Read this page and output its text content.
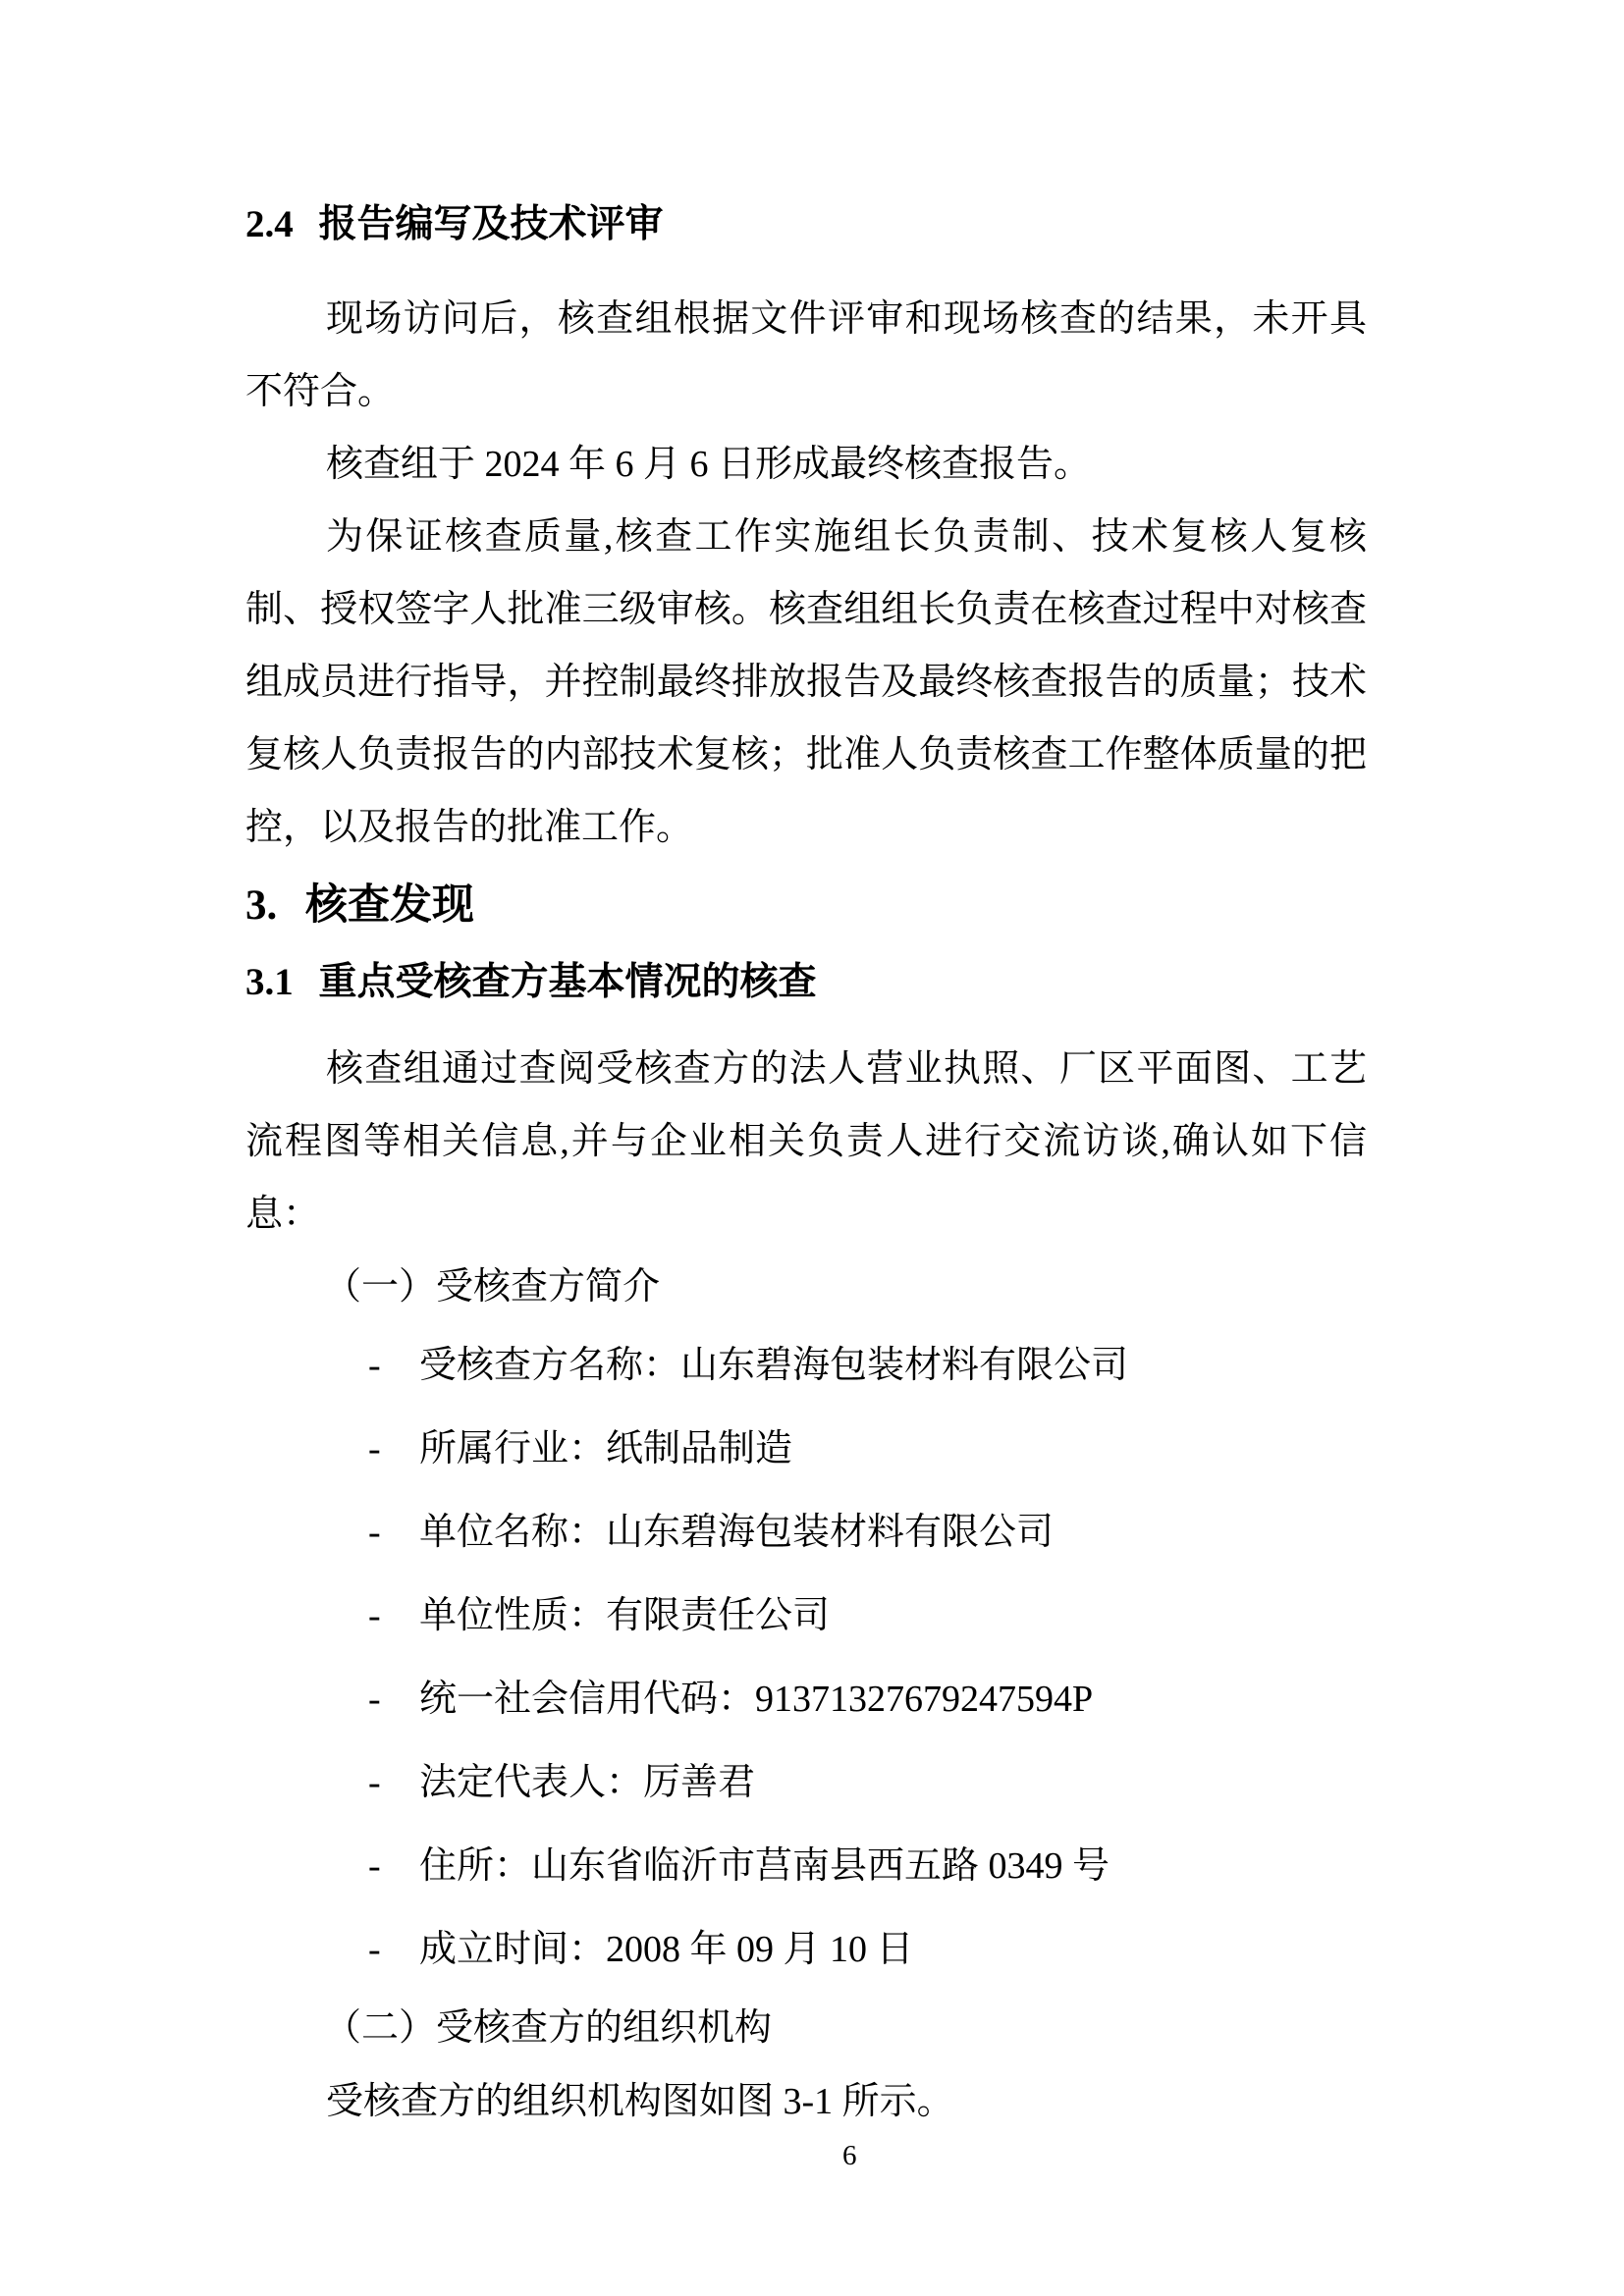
2.4 报告编写及技术评审

现场访问后，核查组根据文件评审和现场核查的结果，未开具不符合。

核查组于 2024 年 6 月 6 日形成最终核查报告。

为保证核查质量,核查工作实施组长负责制、技术复核人复核制、授权签字人批准三级审核。核查组组长负责在核查过程中对核查组成员进行指导，并控制最终排放报告及最终核查报告的质量；技术复核人负责报告的内部技术复核；批准人负责核查工作整体质量的把控，以及报告的批准工作。

3. 核查发现
3.1 重点受核查方基本情况的核查

核查组通过查阅受核查方的法人营业执照、厂区平面图、工艺流程图等相关信息,并与企业相关负责人进行交流访谈,确认如下信息：

（一）受核查方简介

- 受核查方名称：山东碧海包装材料有限公司

- 所属行业：纸制品制造

- 单位名称：山东碧海包装材料有限公司

- 单位性质：有限责任公司

- 统一社会信用代码：91371327679247594P

- 法定代表人：厉善君

- 住所：山东省临沂市莒南县西五路 0349 号

- 成立时间：2008 年 09 月 10 日

（二）受核查方的组织机构

受核查方的组织机构图如图 3-1 所示。

6
